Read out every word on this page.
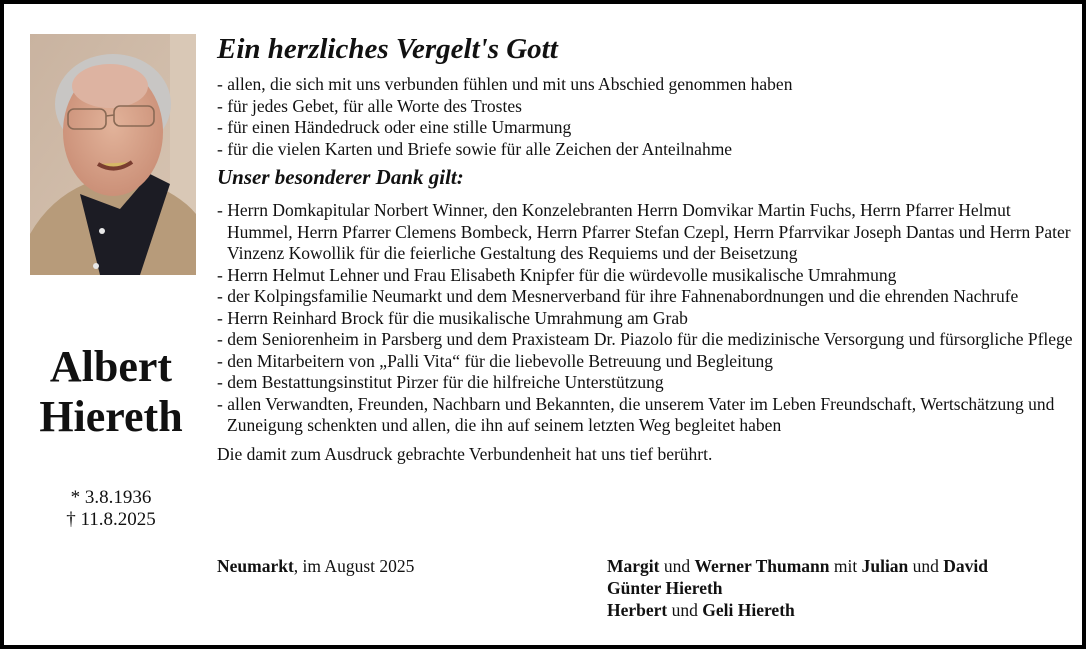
Albert
Hiereth
* 3.8.1936
† 11.8.2025
Ein herzliches Vergelt's Gott
- allen, die sich mit uns verbunden fühlen und mit uns Abschied genommen haben
- für jedes Gebet, für alle Worte des Trostes
- für einen Händedruck oder eine stille Umarmung
- für die vielen Karten und Briefe sowie für alle Zeichen der Anteilnahme
Unser besonderer Dank gilt:
- Herrn Domkapitular Norbert Winner, den Konzelebranten Herrn Domvikar Martin Fuchs, Herrn Pfarrer Helmut Hummel, Herrn Pfarrer Clemens Bombeck, Herrn Pfarrer Stefan Czepl, Herrn Pfarrvikar Joseph Dantas und Herrn Pater Vinzenz Kowollik für die feierliche Gestaltung des Requiems und der Beisetzung
- Herrn Helmut Lehner und Frau Elisabeth Knipfer für die würdevolle musikalische Umrahmung
- der Kolpingsfamilie Neumarkt und dem Mesnerverband für ihre Fahnenabordnungen und die ehrenden Nachrufe
- Herrn Reinhard Brock für die musikalische Umrahmung am Grab
- dem Seniorenheim in Parsberg und dem Praxisteam Dr. Piazolo für die medizinische Versorgung und fürsorgliche Pflege
- den Mitarbeitern von „Palli Vita“ für die liebevolle Betreuung und Begleitung
- dem Bestattungsinstitut Pirzer für die hilfreiche Unterstützung
- allen Verwandten, Freunden, Nachbarn und Bekannten, die unserem Vater im Leben Freundschaft, Wertschätzung und Zuneigung schenkten und allen, die ihn auf seinem letzten Weg begleitet haben
Die damit zum Ausdruck gebrachte Verbundenheit hat uns tief berührt.
Neumarkt, im August 2025	Margit und Werner Thumann mit Julian und David
Günter Hiereth
Herbert und Geli Hiereth
